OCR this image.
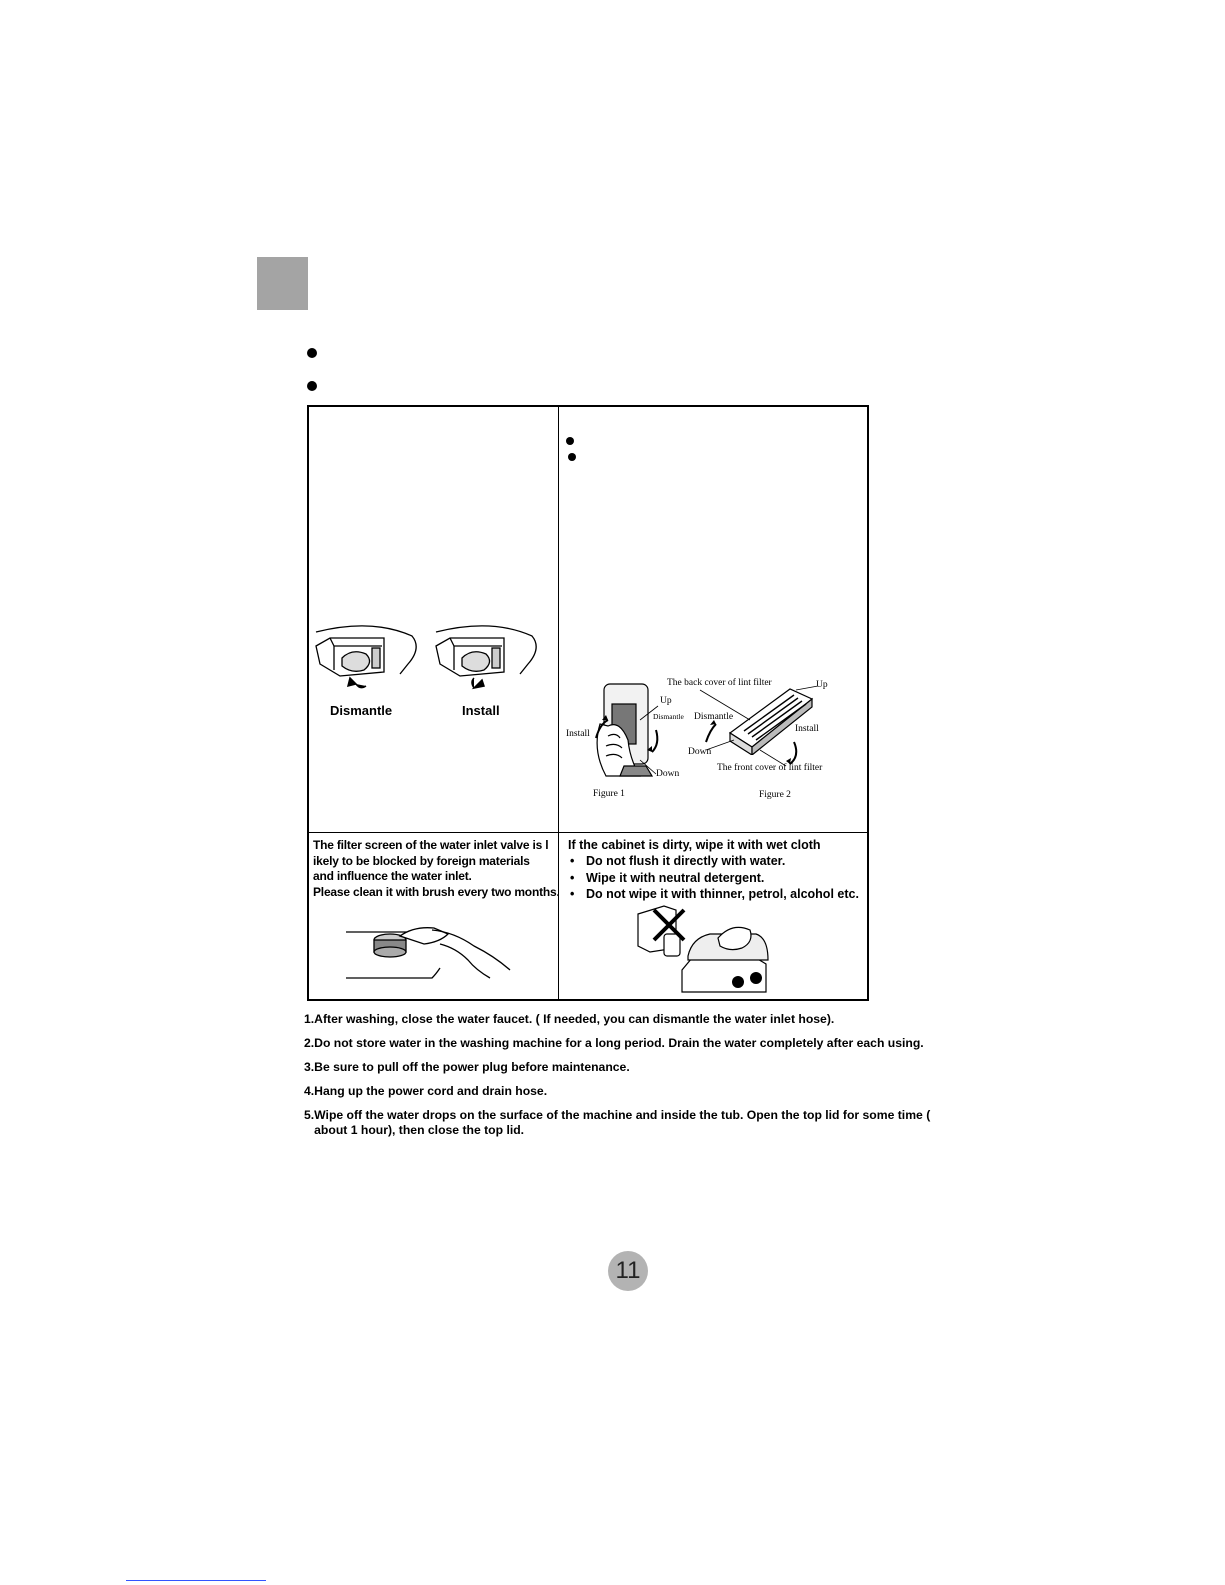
Dismantle	Install
The back cover of lint filter	Up
Up
Dismantle Dismantle
Install	Install
Down
The front cover of lint filter
Down
Figure 1	Figure 2
The filter screen of the water inlet valve is l
ikely to be blocked by foreign materials
and influence the water inlet.
Please clean it with brush every two months.
If the cabinet is dirty, wipe it with wet cloth
• Do not flush it directly with water.
• Wipe it with neutral detergent.
• Do not wipe it with thinner, petrol, alcohol etc.
1.After washing, close the water faucet. ( If needed, you can dismantle the water inlet hose).
2.Do not store water in the washing machine for a long period. Drain the water completely after each using.
3.Be sure to pull off the power plug before maintenance.
4.Hang up the power cord and drain hose.
5.Wipe off the water drops on the surface of the machine and inside the tub. Open the top lid for some time (
about 1 hour), then close the top lid.
11
